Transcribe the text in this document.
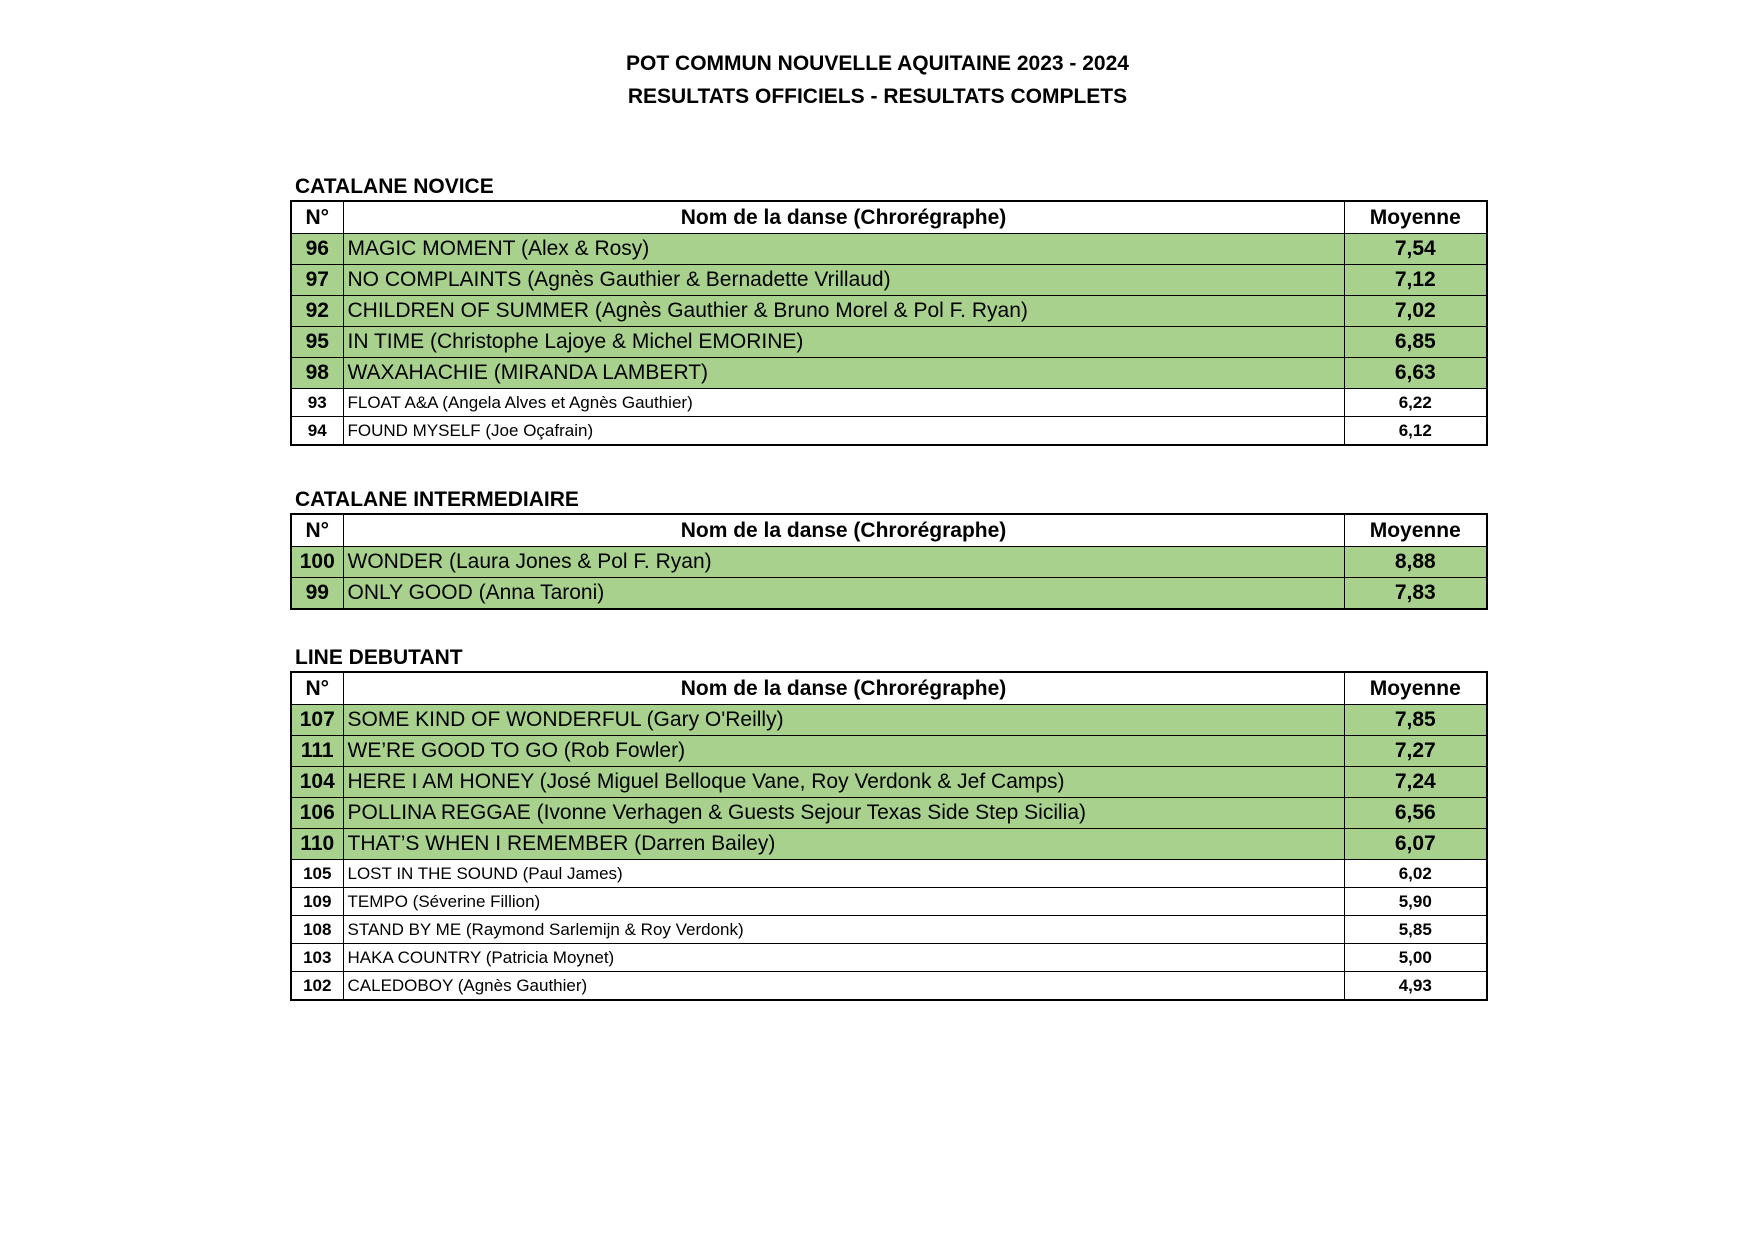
POT COMMUN NOUVELLE AQUITAINE 2023 - 2024
RESULTATS OFFICIELS - RESULTATS COMPLETS
CATALANE NOVICE
N°	Nom de la danse (Chrorégraphe)	Moyenne
96	MAGIC MOMENT (Alex & Rosy)	7,54
97	NO COMPLAINTS (Agnès Gauthier & Bernadette Vrillaud)	7,12
92	CHILDREN OF SUMMER (Agnès Gauthier & Bruno Morel & Pol F. Ryan)	7,02
95	IN TIME (Christophe Lajoye & Michel EMORINE)	6,85
98	WAXAHACHIE (MIRANDA LAMBERT)	6,63
93	FLOAT A&A (Angela Alves et Agnès Gauthier)	6,22
94	FOUND MYSELF (Joe Oçafrain)	6,12
CATALANE INTERMEDIAIRE
N°	Nom de la danse (Chrorégraphe)	Moyenne
100	WONDER (Laura Jones & Pol F. Ryan)	8,88
99	ONLY GOOD (Anna Taroni)	7,83
LINE DEBUTANT
N°	Nom de la danse (Chrorégraphe)	Moyenne
107	SOME KIND OF WONDERFUL (Gary O'Reilly)	7,85
111	WE’RE GOOD TO GO (Rob Fowler)	7,27
104	HERE I AM HONEY (José Miguel Belloque Vane, Roy Verdonk & Jef Camps)	7,24
106	POLLINA REGGAE (Ivonne Verhagen & Guests Sejour Texas Side Step Sicilia)	6,56
110	THAT’S WHEN I REMEMBER (Darren Bailey)	6,07
105	LOST IN THE SOUND (Paul James)	6,02
109	TEMPO (Séverine Fillion)	5,90
108	STAND BY ME (Raymond Sarlemijn & Roy Verdonk)	5,85
103	HAKA COUNTRY (Patricia Moynet)	5,00
102	CALEDOBOY (Agnès Gauthier)	4,93
